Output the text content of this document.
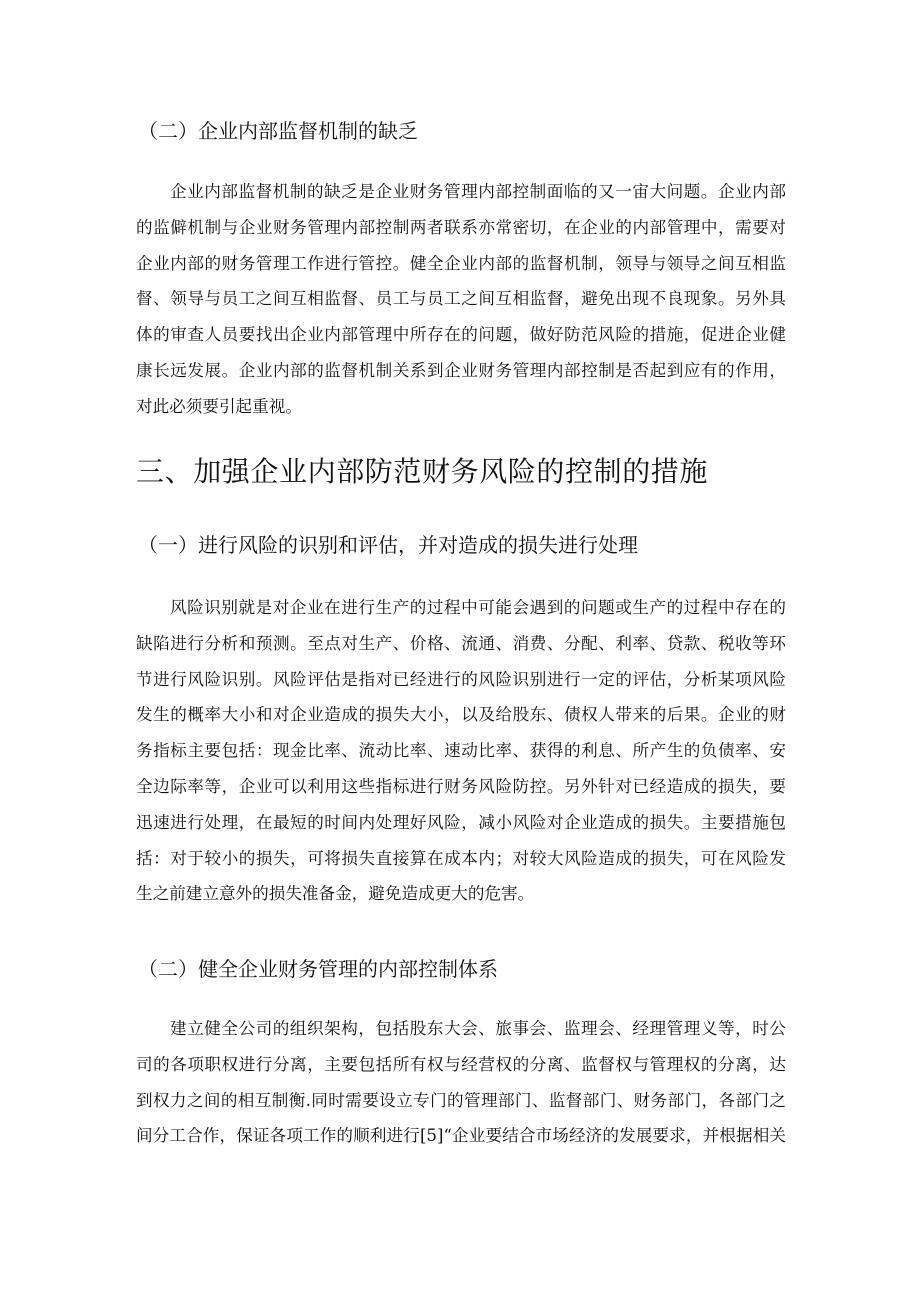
（二）企业内部监督机制的缺乏
企业内部监督机制的缺乏是企业财务管理内部控制面临的又一宙大问题。企业内部
的监僻机制与企业财务管理内部控制两者联系亦常密切，在企业的内部管理中，需要对
企业内部的财务管理工作进行管控。健全企业内部的监督机制，领导与领导之间互相监
督、领导与员工之间互相监督、员工与员工之间互相监督，避免出现不良现象。另外具
体的审查人员要找出企业内部管理中所存在的问题，做好防范风险的措施，促进企业健
康长远发展。企业内部的监督机制关系到企业财务管理内部控制是否起到应有的作用，
对此必须要引起重视。
三、加强企业内部防范财务风险的控制的措施
（一）进行风险的识别和评估，并对造成的损失进行处理
风险识别就是对企业在进行生产的过程中可能会遇到的问题或生产的过程中存在的
缺陷进行分析和预测。至点对生产、价格、流通、消费、分配、利率、贷款、税收等环
节进行风险识别。风险评估是指对已经进行的风险识别进行一定的评估，分析某项风险
发生的概率大小和对企业造成的损失大小，以及给股东、债权人带来的后果。企业的财
务指标主要包括：现金比率、流动比率、速动比率、获得的利息、所产生的负债率、安
全边际率等，企业可以利用这些指标进行财务风险防控。另外针对已经造成的损失，要
迅速进行处理，在最短的时间内处理好风险，减小风险对企业造成的损失。主要措施包
括：对于较小的损失，可将损失直接算在成本内；对较大风险造成的损失，可在风险发
生之前建立意外的损失准备金，避免造成更大的危害。
（二）健全企业财务管理的内部控制体系
建立健全公司的组织架构，包括股东大会、旅事会、监理会、经理管理义等，时公
司的各项职权进行分离，主要包括所有权与经营权的分离、监督权与管理权的分离，达
到权力之间的相互制衡.同时需要设立专门的管理部门、监督部门、财务部门，各部门之
间分工合作，保证各项工作的顺利进行[5]“企业要结合市场经济的发展要求，并根据相关
